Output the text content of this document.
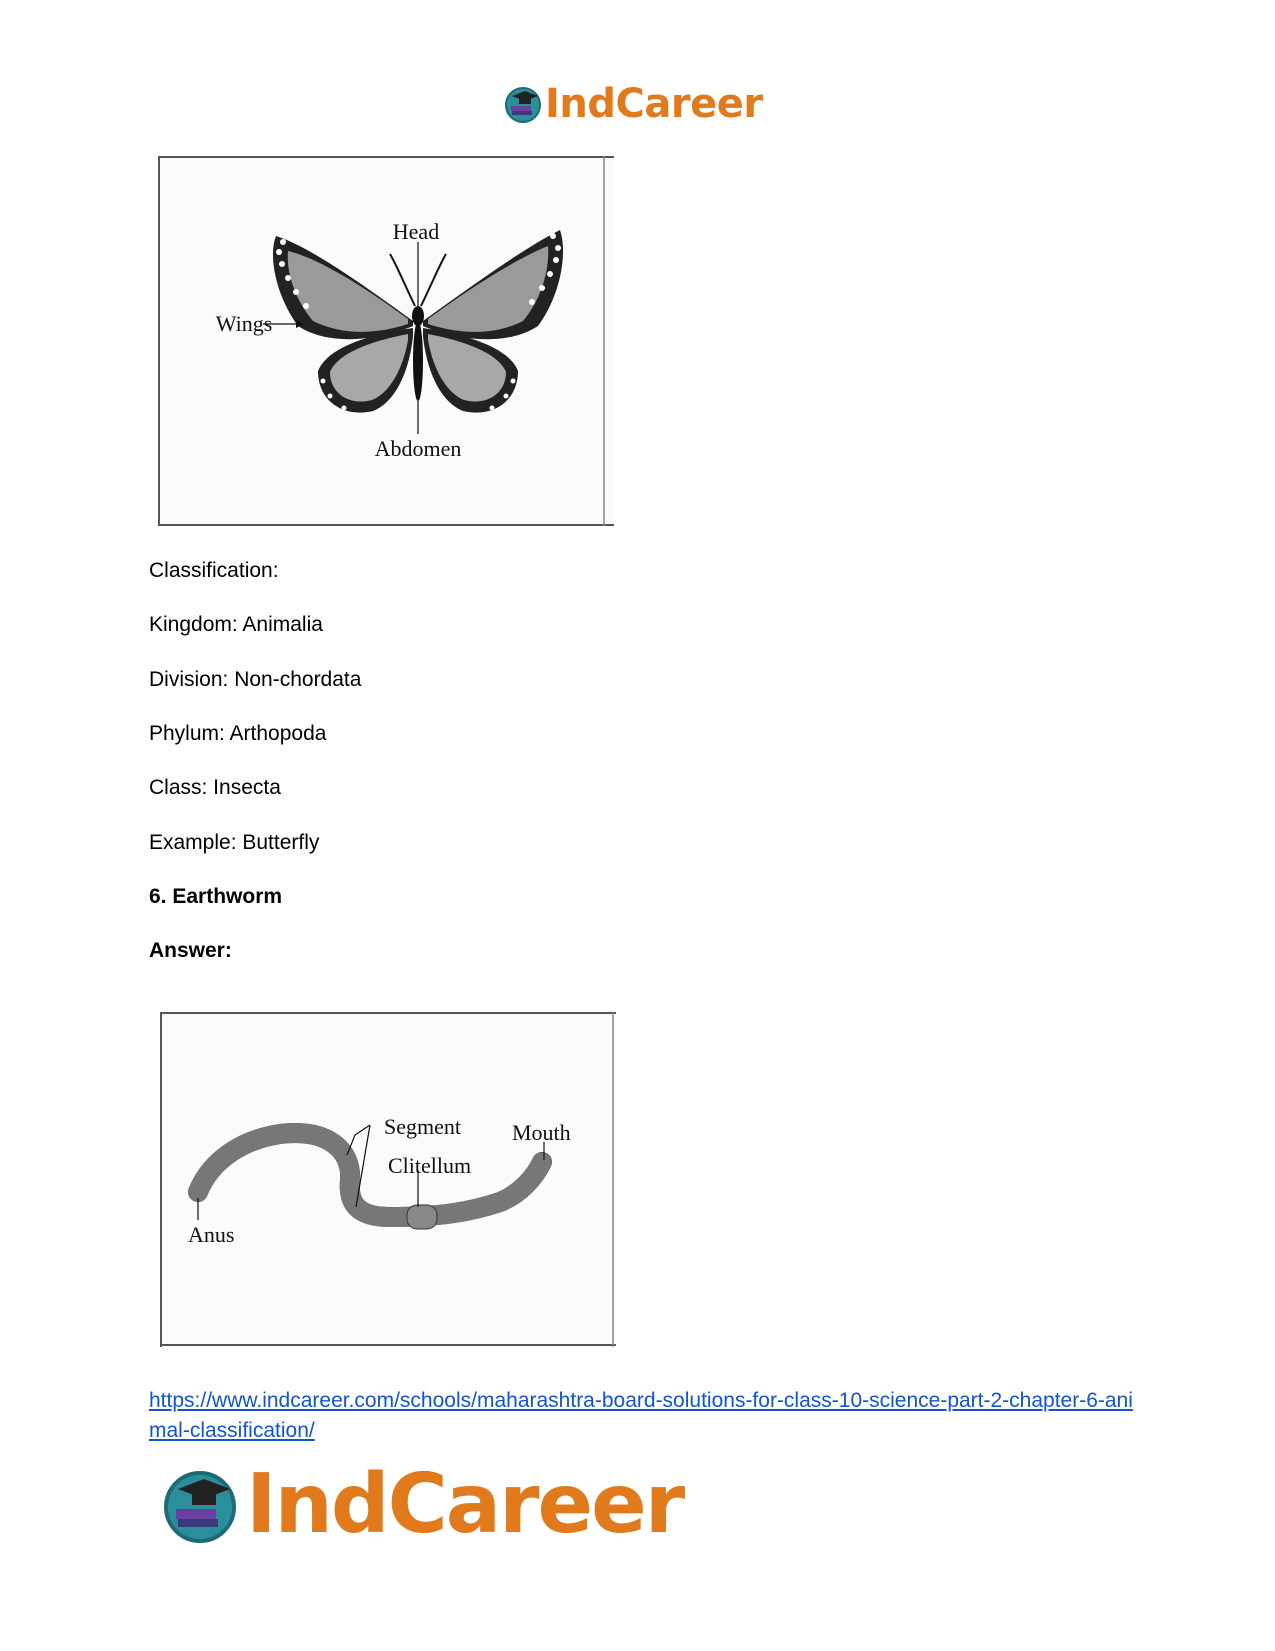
IndCareer
Head
Wings
Abdomen
Classification:
Kingdom: Animalia
Division: Non-chordata
Phylum: Arthopoda
Class: Insecta
Example: Butterfly
6. Earthworm
Answer:
Segment
Clitellum
Mouth
Anus
https://www.indcareer.com/schools/maharashtra-board-solutions-for-class-10-science-part-2-chapter-6-animal-classification/
IndCareer
